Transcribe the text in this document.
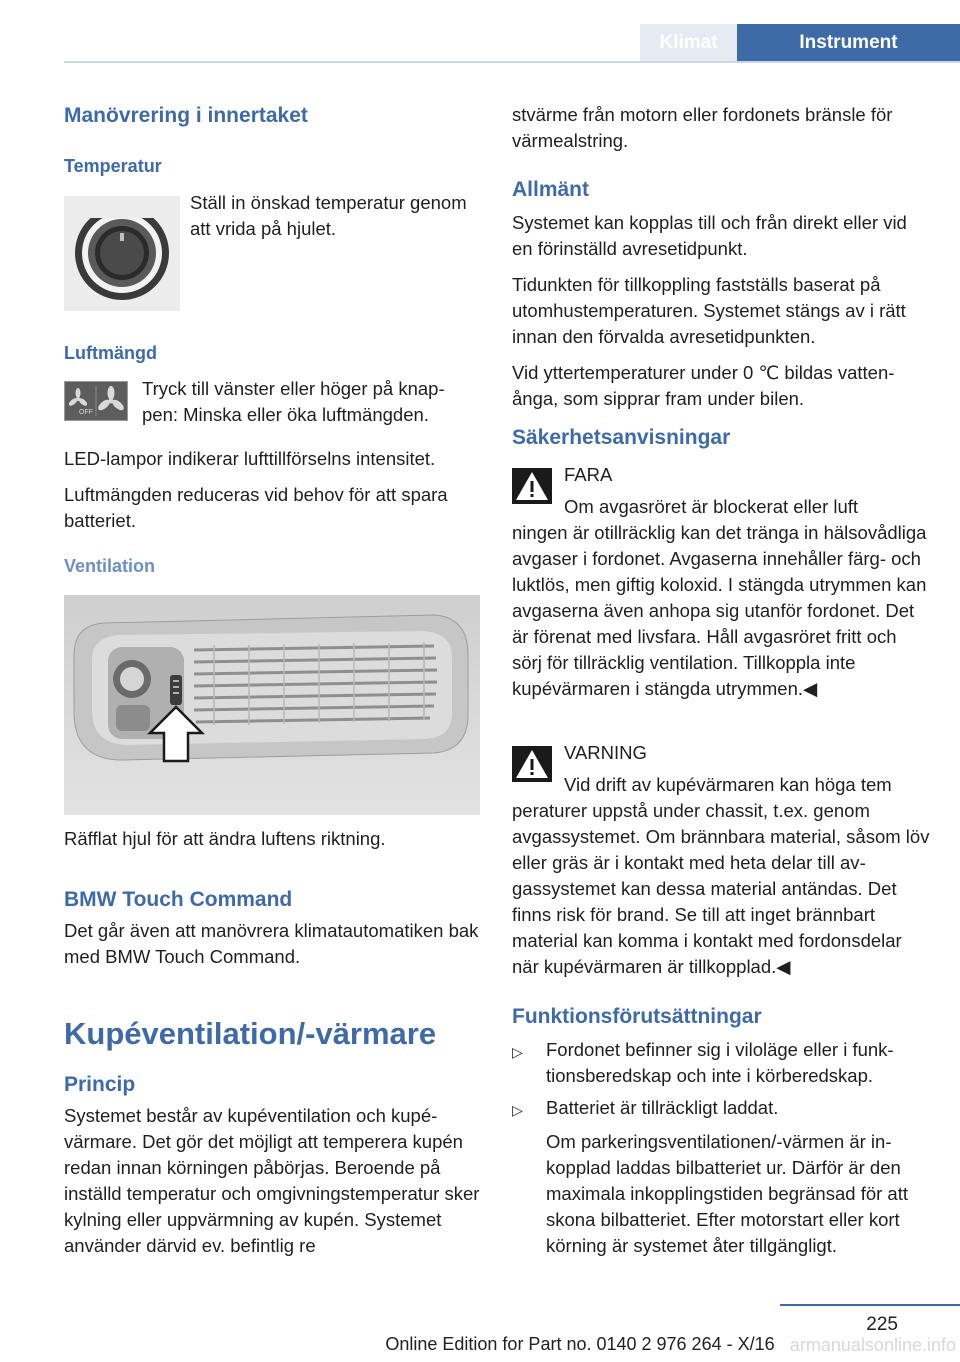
Klimat	Instrument
Manövrering i innertaket
Temperatur
Ställ in önskad temperatur genom att vrida på hjulet.
Luftmängd
OFF
Tryck till vänster eller höger på knappen: Minska eller öka luftmängden.

LED-lampor indikerar lufttillförselns intensitet.

Luftmängden reduceras vid behov för att spara batteriet.

Ventilation
Räfflat hjul för att ändra luftens riktning.
BMW Touch Command
Det går även att manövrera klimatautomatiken bak med BMW Touch Command.
Kupéventilation/-värmare
Princip
Systemet består av kupéventilation och kupévärmare. Det gör det möjligt att temperera kupén redan innan körningen påbörjas. Beroende på inställd temperatur och omgivningstemperatur sker kylning eller uppvärmning av kupén. Systemet använder därvid ev. befintlig re
stvärme från motorn eller fordonets bränsle för värmealstring.
Allmänt

Systemet kan kopplas till och från direkt eller vid en förinställd avresetidpunkt.

Tidunkten för tillkoppling fastställs baserat på utomhustemperaturen. Systemet stängs av i rätt innan den förvalda avresetidpunkten.

Vid yttertemperaturer under 0 ℃ bildas vattenånga, som sipprar fram under bilen.

Säkerhetsanvisningar
FARA
Om avgasröret är blockerat eller luft
ningen är otillräcklig kan det tränga in hälsovådliga avgaser i fordonet. Avgaserna innehåller färg- och luktlös, men giftig koloxid. I stängda utrymmen kan avgaserna även anhopa sig utanför fordonet. Det är förenat med livsfara. Håll avgasröret fritt och sörj för tillräcklig ventilation. Tillkoppla inte kupévärmaren i stängda utrymmen.◀
VARNING
Vid drift av kupévärmaren kan höga tem
peraturer uppstå under chassit, t.ex. genom avgassystemet. Om brännbara material, såsom löv eller gräs är i kontakt med heta delar till avgassystemet kan dessa material antändas. Det finns risk för brand. Se till att inget brännbart material kan komma i kontakt med fordonsdelar när kupévärmaren är tillkopplad.◀
Funktionsförutsättningar
▷	Fordonet befinner sig i viloläge eller i funktionsberedskap och inte i körberedskap.
▷	Batteriet är tillräckligt laddat.
Om parkeringsventilationen/-värmen är inkopplad laddas bilbatteriet ur. Därför är den maximala inkopplingstiden begränsad för att skona bilbatteriet. Efter motorstart eller kort körning är systemet åter tillgängligt.
225
armanualsonline.info
Online Edition for Part no. 0140 2 976 264 - X/16
